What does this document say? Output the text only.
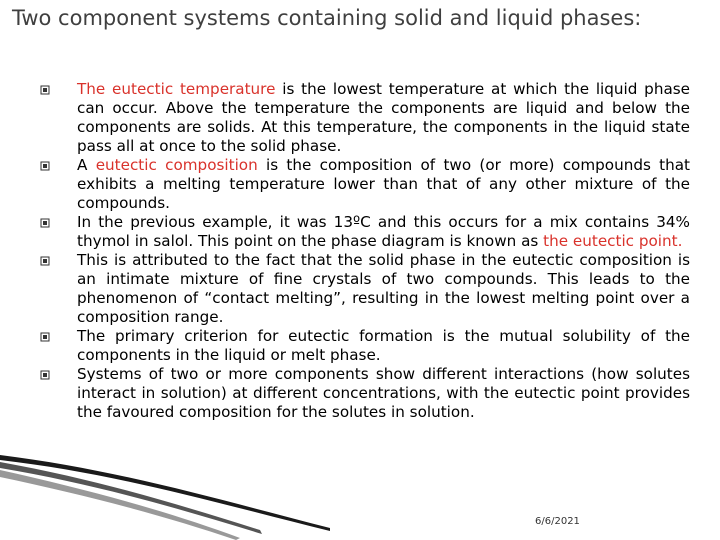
Two component systems containing solid and liquid phases:
The eutectic temperature is the lowest temperature at which the liquid phase can occur. Above the temperature the components are liquid and below the components are solids. At this temperature, the components in the liquid state pass all at once to the solid phase.
A eutectic composition is the composition of two (or more) compounds that exhibits a melting temperature lower than that of any other mixture of the compounds.
In the previous example, it was 13ºC and this occurs for a mix contains 34% thymol in salol. This point on the phase diagram is known as the eutectic point.
This is attributed to the fact that the solid phase in the eutectic composition is an intimate mixture of fine crystals of two compounds. This leads to the phenomenon of “contact melting”, resulting in the lowest melting point over a composition range.
The primary criterion for eutectic formation is the mutual solubility of the components in the liquid or melt phase.
Systems of two or more components show different interactions (how solutes interact in solution) at different concentrations, with the eutectic point provides the favoured composition for the solutes in solution.
6/6/2021
